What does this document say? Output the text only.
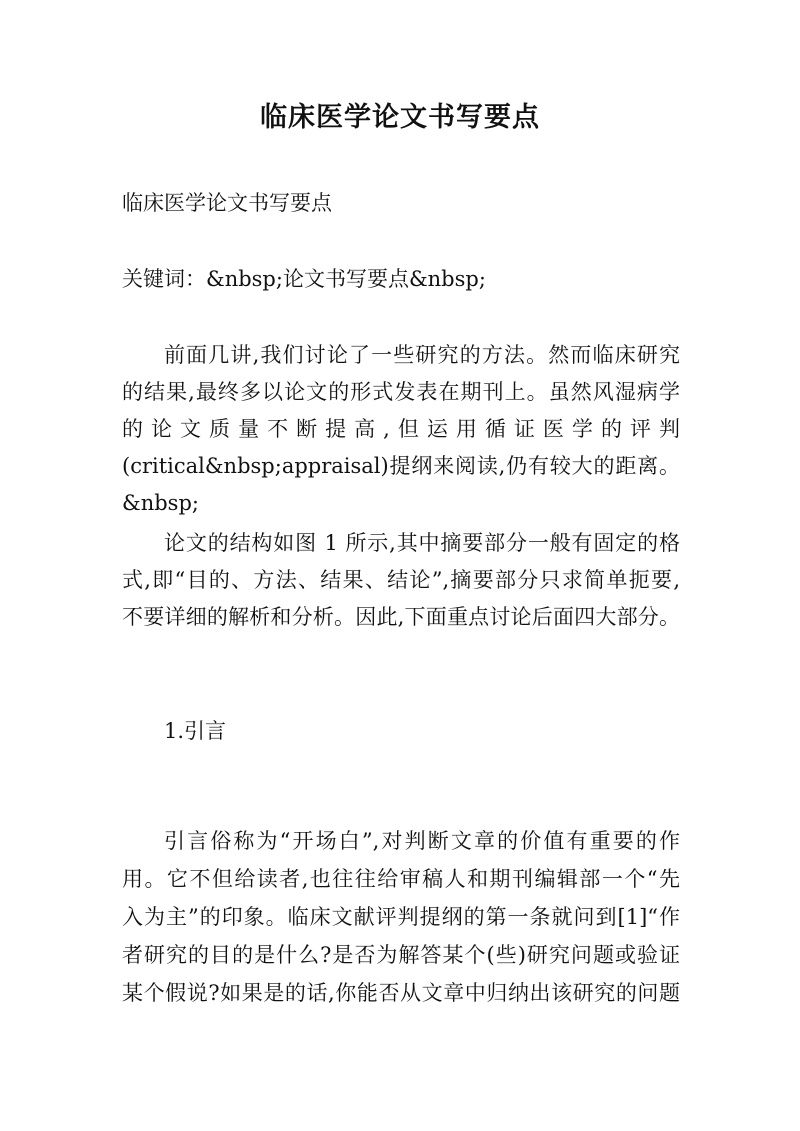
临床医学论文书写要点
临床医学论文书写要点
关键词：&nbsp;论文书写要点&nbsp;
前面几讲,我们讨论了一些研究的方法。然而临床研究
的结果,最终多以论文的形式发表在期刊上。虽然风湿病学
的论文质量不断提高,但运用循证医学的评判
(critical&nbsp;appraisal)提纲来阅读,仍有较大的距离。
&nbsp;
论文的结构如图 1 所示,其中摘要部分一般有固定的格
式,即“目的、方法、结果、结论”,摘要部分只求简单扼要,
不要详细的解析和分析。因此,下面重点讨论后面四大部分。
1.引言
引言俗称为“开场白”,对判断文章的价值有重要的作
用。它不但给读者,也往往给审稿人和期刊编辑部一个“先
入为主”的印象。临床文献评判提纲的第一条就问到[1]“作
者研究的目的是什么?是否为解答某个(些)研究问题或验证
某个假说?如果是的话,你能否从文章中归纳出该研究的问题
